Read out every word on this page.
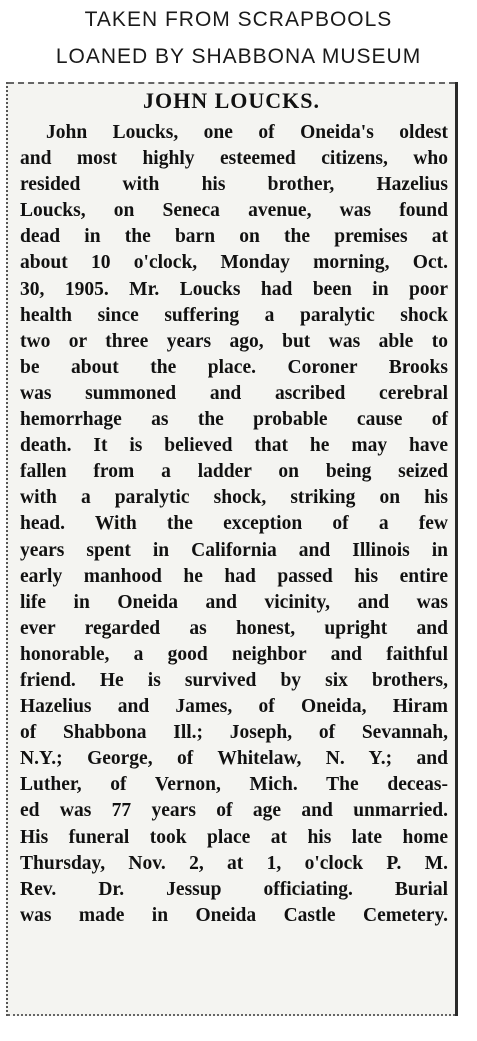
TAKEN FROM SCRAPBOOLS
LOANED BY SHABBONA MUSEUM
JOHN LOUCKS.
John Loucks, one of Oneida's oldest
and most highly esteemed citizens, who
resided with his brother, Hazelius
Loucks, on Seneca avenue, was found
dead in the barn on the premises at
about 10 o'clock, Monday morning, Oct.
30, 1905. Mr. Loucks had been in poor
health since suffering a paralytic shock
two or three years ago, but was able to
be about the place. Coroner Brooks
was summoned and ascribed cerebral
hemorrhage as the probable cause of
death. It is believed that he may have
fallen from a ladder on being seized
with a paralytic shock, striking on his
head. With the exception of a few
years spent in California and Illinois in
early manhood he had passed his entire
life in Oneida and vicinity, and was
ever regarded as honest, upright and
honorable, a good neighbor and faithful
friend. He is survived by six brothers,
Hazelius and James, of Oneida, Hiram
of Shabbona Ill.; Joseph, of Sevannah,
N.Y.; George, of Whitelaw, N. Y.; and
Luther, of Vernon, Mich. The deceas-
ed was 77 years of age and unmarried.
His funeral took place at his late home
Thursday, Nov. 2, at 1, o'clock P. M.
Rev. Dr. Jessup officiating. Burial
was made in Oneida Castle Cemetery.
